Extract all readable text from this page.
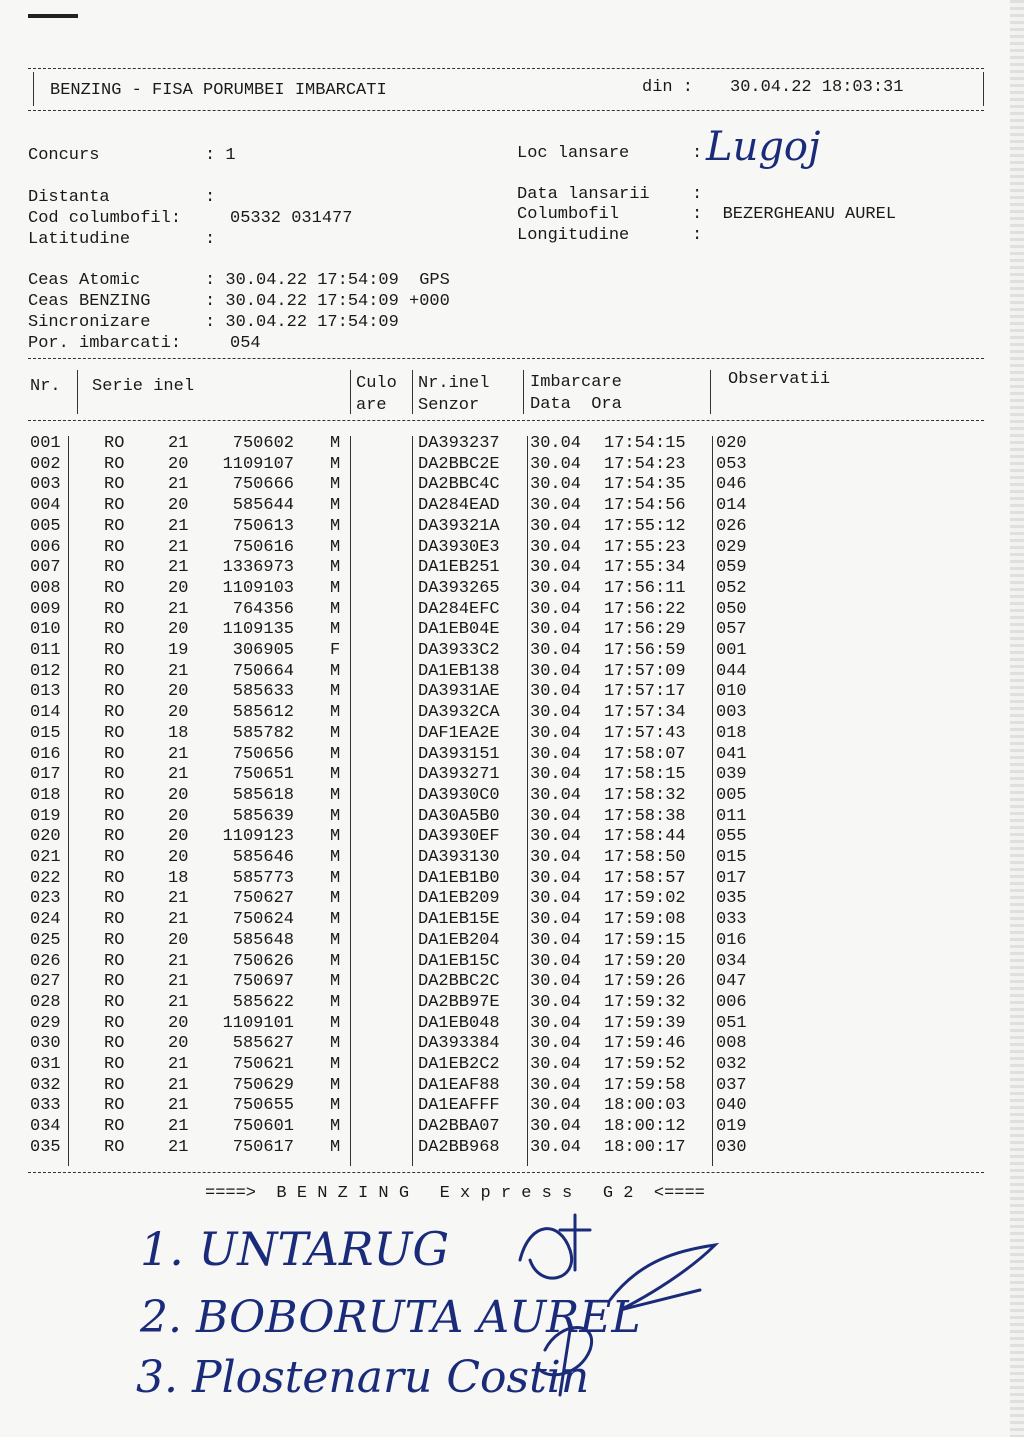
BENZING - FISA PORUMBEI IMBARCATI	din : 30.04.22 18:03:31
Concurs	: 1	Loc lansare	: Lugoj
Distanta	:	Data lansarii :
Cod columbofil:	05332 031477	Columbofil	:  BEZERGHEANU AUREL
Latitudine	:	Longitudine	:
Ceas Atomic	: 30.04.22 17:54:09  GPS
Ceas BENZING	: 30.04.22 17:54:09 +000
Sincronizare	: 30.04.22 17:54:09
Por. imbarcati:	054
Nr. Serie inel	Culo
are
Nr.inel
Senzor
Imbarcare
Data  Ora
Observatii
001	RO	21	750602 M	DA393237 30.04 17:54:15 020
002	RO	20	1109107 M	DA2BBC2E 30.04 17:54:23 053
003	RO	21	750666 M	DA2BBC4C 30.04 17:54:35 046
004	RO	20	585644 M	DA284EAD 30.04 17:54:56 014
005	RO	21	750613 M	DA39321A 30.04 17:55:12 026
006	RO	21	750616 M	DA3930E3 30.04 17:55:23 029
007	RO	21	1336973 M	DA1EB251 30.04 17:55:34 059
008	RO	20	1109103 M	DA393265 30.04 17:56:11 052
009	RO	21	764356 M	DA284EFC 30.04 17:56:22 050
010	RO	20	1109135 M	DA1EB04E 30.04 17:56:29 057
011	RO	19	306905 F	DA3933C2 30.04 17:56:59 001
012	RO	21	750664 M	DA1EB138 30.04 17:57:09 044
013	RO	20	585633 M	DA3931AE 30.04 17:57:17 010
014	RO	20	585612 M	DA3932CA 30.04 17:57:34 003
015	RO	18	585782 M	DAF1EA2E 30.04 17:57:43 018
016	RO	21	750656 M	DA393151 30.04 17:58:07 041
017	RO	21	750651 M	DA393271 30.04 17:58:15 039
018	RO	20	585618 M	DA3930C0 30.04 17:58:32 005
019	RO	20	585639 M	DA30A5B0 30.04 17:58:38 011
020	RO	20	1109123 M	DA3930EF 30.04 17:58:44 055
021	RO	20	585646 M	DA393130 30.04 17:58:50 015
022	RO	18	585773 M	DA1EB1B0 30.04 17:58:57 017
023	RO	21	750627 M	DA1EB209 30.04 17:59:02 035
024	RO	21	750624 M	DA1EB15E 30.04 17:59:08 033
025	RO	20	585648 M	DA1EB204 30.04 17:59:15 016
026	RO	21	750626 M	DA1EB15C 30.04 17:59:20 034
027	RO	21	750697 M	DA2BBC2C 30.04 17:59:26 047
028	RO	21	585622 M	DA2BB97E 30.04 17:59:32 006
029	RO	20	1109101 M	DA1EB048 30.04 17:59:39 051
030	RO	20	585627 M	DA393384 30.04 17:59:46 008
031	RO	21	750621 M	DA1EB2C2 30.04 17:59:52 032
032	RO	21	750629 M	DA1EAF88 30.04 17:59:58 037
033	RO	21	750655 M	DA1EAFFF 30.04 18:00:03 040
034	RO	21	750601 M	DA2BBA07 30.04 18:00:12 019
035	RO	21	750617 M	DA2BB968 30.04 18:00:17 030
====>  B E N Z I N G   E x p r e s s   G 2  <====
1. UNTARUG
2. BOBORUTA AUREL
3. Plostenaru Costin
